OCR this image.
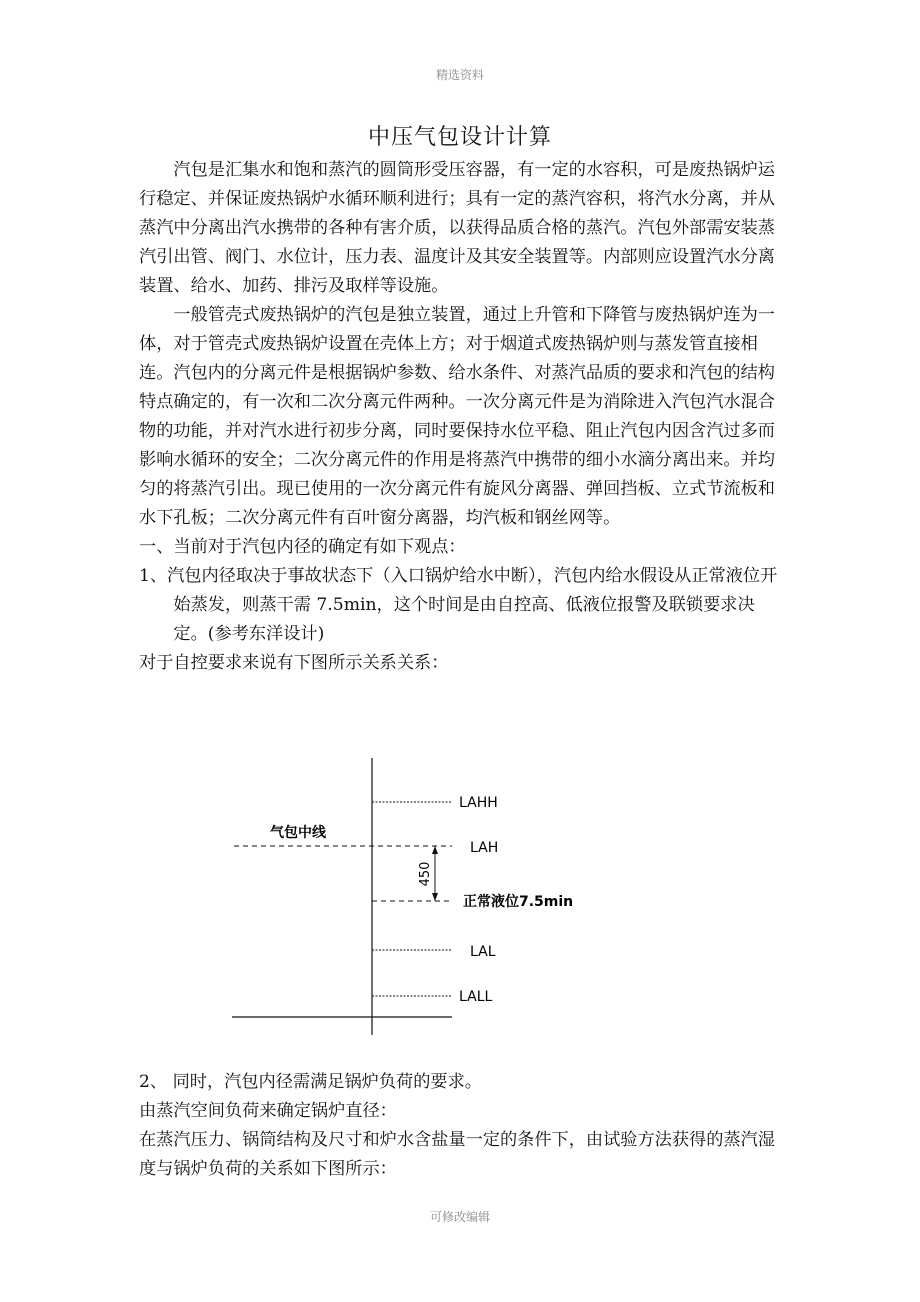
精选资料
中压气包设计计算

汽包是汇集水和饱和蒸汽的圆筒形受压容器，有一定的水容积，可是废热锅炉运行稳定、并保证废热锅炉水循环顺利进行；具有一定的蒸汽容积，将汽水分离，并从蒸汽中分离出汽水携带的各种有害介质，以获得品质合格的蒸汽。汽包外部需安装蒸汽引出管、阀门、水位计，压力表、温度计及其安全装置等。内部则应设置汽水分离装置、给水、加药、排污及取样等设施。

一般管壳式废热锅炉的汽包是独立装置，通过上升管和下降管与废热锅炉连为一体，对于管壳式废热锅炉设置在壳体上方；对于烟道式废热锅炉则与蒸发管直接相连。汽包内的分离元件是根据锅炉参数、给水条件、对蒸汽品质的要求和汽包的结构特点确定的，有一次和二次分离元件两种。一次分离元件是为消除进入汽包汽水混合物的功能，并对汽水进行初步分离，同时要保持水位平稳、阻止汽包内因含汽过多而影响水循环的安全；二次分离元件的作用是将蒸汽中携带的细小水滴分离出来。并均匀的将蒸汽引出。现已使用的一次分离元件有旋风分离器、弹回挡板、立式节流板和水下孔板；二次分离元件有百叶窗分离器，均汽板和钢丝网等。

一、当前对于汽包内径的确定有如下观点：

1、汽包内径取决于事故状态下（入口锅炉给水中断），汽包内给水假设从正常液位开始蒸发，则蒸干需 7.5min，这个时间是由自控高、低液位报警及联锁要求决定。(参考东洋设计)

对于自控要求来说有下图所示关系关系：

LAHH
气包中线
LAH
450
正常液位7.5min
LAL
LALL

2、 同时，汽包内径需满足锅炉负荷的要求。

由蒸汽空间负荷来确定锅炉直径：

在蒸汽压力、锅筒结构及尺寸和炉水含盐量一定的条件下，由试验方法获得的蒸汽湿度与锅炉负荷的关系如下图所示：

可修改编辑
